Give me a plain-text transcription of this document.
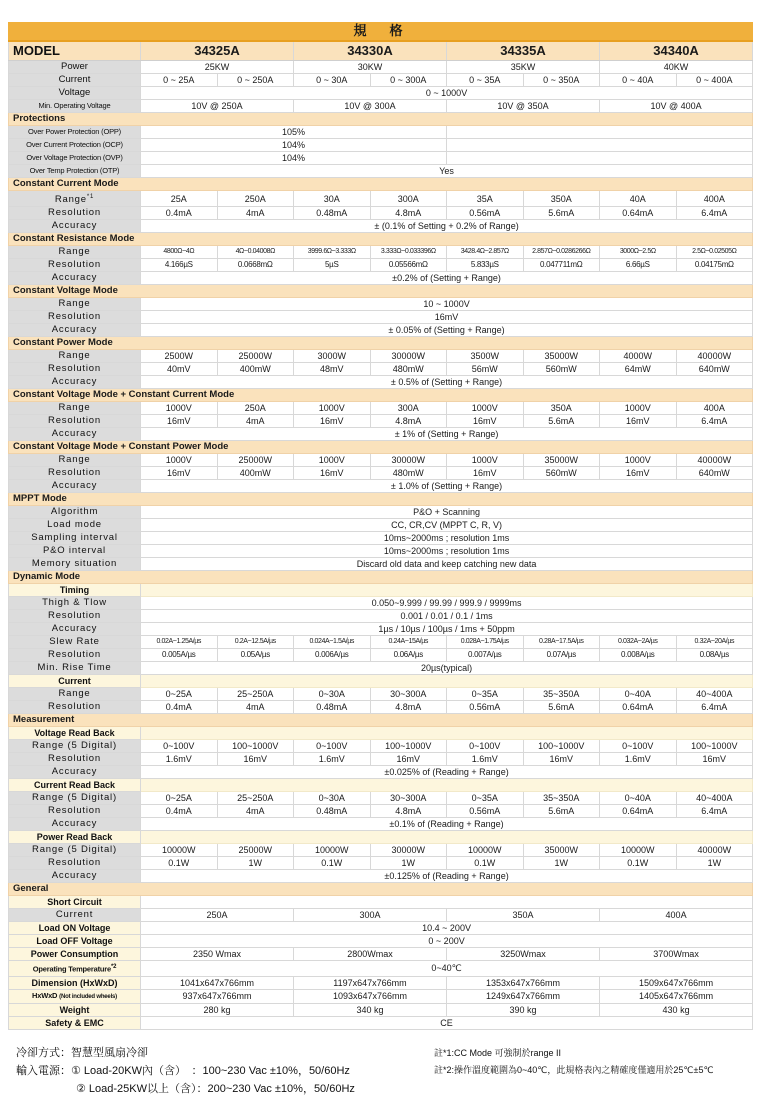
規　格								
MODEL	34325A		34330A		34335A		34340A	
Power	25KW		30KW		35KW		40KW	
Current	0 ~ 25A	0 ~ 250A	0 ~ 30A	0 ~ 300A	0 ~ 35A	0 ~ 350A	0 ~ 40A	0 ~ 400A
Voltage	0 ~ 1000V							
Min. Operating Voltage	10V @ 250A		10V @ 300A		10V @ 350A		10V @ 400A	
Protections								
Over Power Protection (OPP)	105%							
Over Current Protection (OCP)	104%							
Over Voltage Protection (OVP)	104%							
Over Temp Protection (OTP)	Yes							
Constant Current Mode								
Range$^{*1}$	25A	250A	30A	300A	35A	350A	40A	400A
Resolution	0.4mA	4mA	0.48mA	4.8mA	0.56mA	5.6mA	0.64mA	6.4mA
Accuracy	± (0.1% of Setting + 0.2% of Range)							
Constant Resistance Mode								
Range	4800Ω~4Ω	4Ω~0.04008Ω	3999.6Ω~3.333Ω	3.333Ω~0.033396Ω	3428.4Ω~2.857Ω	2.857Ω~0.0286266Ω	3000Ω~2.5Ω	2.5Ω~0.02505Ω
Resolution	4.166µS	0.0668mΩ	5µS	0.05566mΩ	5.833µS	0.047711mΩ	6.66µS	0.04175mΩ
Accuracy	±0.2% of (Setting + Range)							
Constant Voltage Mode								
Range	10 ~ 1000V							
Resolution	16mV							
Accuracy	± 0.05% of (Setting + Range)							
Constant Power Mode								
Range	2500W	25000W	3000W	30000W	3500W	35000W	4000W	40000W
Resolution	40mV	400mW	48mV	480mW	56mW	560mW	64mW	640mW
Accuracy	± 0.5% of (Setting + Range)							
Constant Voltage Mode + Constant Current Mode								
Range	1000V	250A	1000V	300A	1000V	350A	1000V	400A
Resolution	16mV	4mA	16mV	4.8mA	16mV	5.6mA	16mV	6.4mA
Accuracy	± 1% of (Setting + Range)							
Constant Voltage Mode + Constant Power Mode								
Range	1000V	25000W	1000V	30000W	1000V	35000W	1000V	40000W
Resolution	16mV	400mW	16mV	480mW	16mV	560mW	16mV	640mW
Accuracy	± 1.0% of (Setting + Range)							
MPPT Mode								
Algorithm	P&O + Scanning							
Load mode	CC, CR,CV (MPPT C, R, V)							
Sampling interval	10ms~2000ms ; resolution 1ms							
P&O interval	10ms~2000ms ; resolution 1ms							
Memory situation	Discard old data and keep catching new data							
Dynamic Mode								
Timing								
Thigh & Tlow	0.050~9.999 / 99.99 / 999.9 / 9999ms							
Resolution	0.001 / 0.01 / 0.1 / 1ms							
Accuracy	1µs / 10µs / 100µs / 1ms + 50ppm							
Slew Rate	0.02A~1.25A/µs	0.2A~12.5A/µs	0.024A~1.5A/µs	0.24A~15A/µs	0.028A~1.75A/µs	0.28A~17.5A/µs	0.032A~2A/µs	0.32A~20A/µs
Resolution	0.005A/µs	0.05A/µs	0.006A/µs	0.06A/µs	0.007A/µs	0.07A/µs	0.008A/µs	0.08A/µs
Min. Rise Time	20µs(typical)							
Current								
Range	0~25A	25~250A	0~30A	30~300A	0~35A	35~350A	0~40A	40~400A
Resolution	0.4mA	4mA	0.48mA	4.8mA	0.56mA	5.6mA	0.64mA	6.4mA
Measurement								
Voltage Read Back								
Range (5 Digital)	0~100V	100~1000V	0~100V	100~1000V	0~100V	100~1000V	0~100V	100~1000V
Resolution	1.6mV	16mV	1.6mV	16mV	1.6mV	16mV	1.6mV	16mV
Accuracy	±0.025% of (Reading + Range)							
Current Read Back								
Range (5 Digital)	0~25A	25~250A	0~30A	30~300A	0~35A	35~350A	0~40A	40~400A
Resolution	0.4mA	4mA	0.48mA	4.8mA	0.56mA	5.6mA	0.64mA	6.4mA
Accuracy	±0.1% of (Reading + Range)							
Power Read Back								
Range (5 Digital)	10000W	25000W	10000W	30000W	10000W	35000W	10000W	40000W
Resolution	0.1W	1W	0.1W	1W	0.1W	1W	0.1W	1W
Accuracy	±0.125% of (Reading + Range)							
General								
Short Circuit								
Current	250A		300A		350A		400A	
Load ON Voltage	10.4 ~ 200V							
Load OFF Voltage	0 ~ 200V							
Power Consumption	2350 Wmax		2800Wmax		3250Wmax		3700Wmax	
Operating Temperature$^{*2}$	0~40℃							
Dimension (HxWxD)	1041x647x766mm		1197x647x766mm		1353x647x766mm		1509x647x766mm	
HxWxD (Not included wheels)	937x647x766mm		1093x647x766mm		1249x647x766mm		1405x647x766mm	
Weight	280 kg		340 kg		390 kg		430 kg	
Safety & EMC	CE							
冷卻方式：智慧型風扇冷卻
輸入電源：① Load-20KW內（含）　：100~230 Vac ±10%，50/60Hz
② Load-25KW以上（含）：200~230 Vac ±10%，50/60Hz
註*1:CC Mode 可強制於range II
註*2:操作溫度範圍為0~40℃，此規格表內之精確度僅適用於25℃±5℃
